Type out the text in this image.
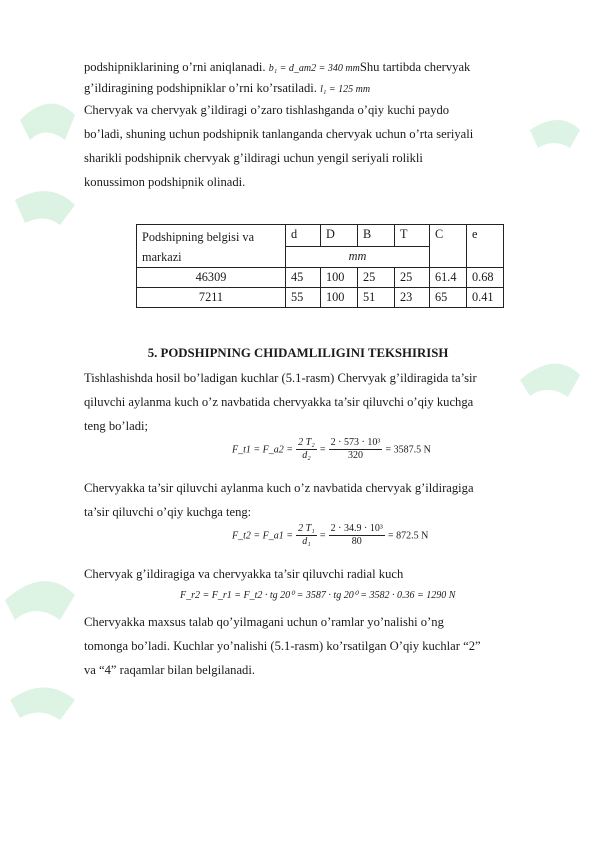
podshipniklarining o’rni aniqlanadi. b₁ = d_am2 = 340 mmShu tartibda chervyak
g’ildiragining podshipniklar o’rni ko’rsatiladi. l₁ = 125 mm
Chervyak va chervyak g’ildiragi o’zaro tishlashganda o’qiy kuchi paydo
bo’ladi, shuning uchun podshipnik tanlanganda chervyak uchun o’rta seriyali
sharikli podshipnik chervyak g’ildiragi uchun yengil seriyali rolikli
konussimon podshipnik olinadi.
Podshipning belgisi va
markazi	d	D	B	T	C	e
	mm					
46309	45	100	25	25	61.4	0.68
7211	55	100	51	23	65	0.41
5. PODSHIPNING CHIDAMLILIGINI TEKSHIRISH
Tishlashishda hosil bo’ladigan kuchlar (5.1-rasm) Chervyak g’ildiragida ta’sir
qiluvchi aylanma kuch o’z navbatida chervyakka ta’sir qiluvchi o’qiy kuchga
teng bo’ladi;
F_t1 = F_a2 = $\frac{\text{2 T₂}}{\text{d₂}} = \frac{\text{2 · 573 · 10³}}{320} = 3587.5$ N
Chervyakka ta’sir qiluvchi aylanma kuch o’z navbatida chervyak g’ildiragiga
ta’sir qiluvchi o’qiy kuchga teng:
F_t2 = F_a1 = $\frac{\text{2 T₁}}{\text{d₁}} = \frac{\text{2 · 34.9 · 10³}}{80} = 872.5$ N
Chervyak g’ildiragiga va chervyakka ta’sir qiluvchi radial kuch
F_r2 = F_r1 = F_t2 · tg 20⁰ = 3587 · tg 20⁰ = 3582 · 0.36 = 1290 N
Chervyakka maxsus talab qo’yilmagani uchun o’ramlar yo’nalishi o’ng
tomonga bo’ladi. Kuchlar yo’nalishi (5.1-rasm) ko’rsatilgan O’qiy kuchlar “2”
va “4” raqamlar bilan belgilanadi.
